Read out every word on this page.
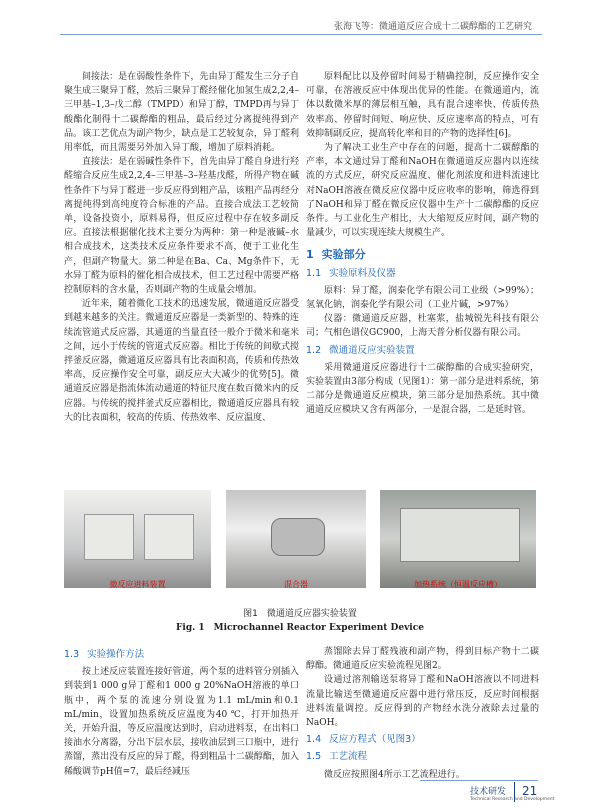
张海飞等：微通道反应合成十二碳醇酯的工艺研究

间接法：是在弱酸性条件下，先由异丁醛发生三分子自聚生成三聚异丁醛，然后三聚异丁醛经催化加氢生成2,2,4–三甲基–1,3–戊二醇（TMPD）和异丁醇，TMPD再与异丁酸酯化制得十二碳醇酯的粗品，最后经过分离提纯得到产品。该工艺优点为副产物少，缺点是工艺较复杂，异丁醛利用率低，而且需要另外加入异丁酸，增加了原料消耗。

直接法：是在弱碱性条件下，首先由异丁醛自身进行羟醛缩合反应生成2,2,4–三甲基–3–羟基戊醛，所得产物在碱性条件下与异丁醛进一步反应得到粗产品，该粗产品再经分离提纯得到高纯度符合标准的产品。直接合成法工艺较简单，设备投资小，原料易得，但反应过程中存在较多副反应。直接法根据催化技术主要分为两种：第一种是液碱–水相合成技术，这类技术反应条件要求不高，便于工业化生产，但副产物量大。第二种是在Ba、Ca、Mg条件下，无水异丁醛为原料的催化相合成技术，但工艺过程中需要严格控制原料的含水量，否则副产物的生成量会增加。

近年来，随着微化工技术的迅速发展，微通道反应器受到越来越多的关注。微通道反应器是一类新型的、特殊的连续流管道式反应器，其通道的当量直径一般介于微米和毫米之间，远小于传统的管道式反应器。相比于传统的间歇式搅拌釜反应器，微通道反应器具有比表面积高，传质和传热效率高，反应操作安全可靠，副反应大大减少的优势[5]。微通道反应器是指流体流动通道的特征尺度在数百微米内的反应器。与传统的搅拌釜式反应器相比，微通道反应器具有较大的比表面积，较高的传质、传热效率、反应温度、

原料配比以及停留时间易于精确控制，反应操作安全可靠，在溶液反应中体现出优异的性能。在微通道内，流体以数微米厚的薄层相互触，具有混合速率快、传质传热效率高、停留时间短、响应快、反应速率高的特点，可有效抑制副反应，提高转化率和目的产物的选择性[6]。

为了解决工业生产中存在的问题，提高十二碳醇酯的产率，本文通过异丁醛和NaOH在微通道反应器内以连续流的方式反应，研究反应温度、催化剂浓度和进料流速比对NaOH溶液在微反应仪器中反应收率的影响，筛选得到了NaOH和异丁醛在微反应仪器中生产十二碳醇酯的反应条件。与工业化生产相比，大大缩短反应时间，副产物的量减少，可以实现连续大规模生产。

1 实验部分
1.1 实验原料及仪器

原料：异丁醛，润泰化学有限公司工业级（>99%）；氢氧化钠，润泰化学有限公司（工业片碱，>97%）

仪器：微通道反应器，杜塞浆，盐城锐先科技有限公司；气相色谱仪GC900，上海天普分析仪器有限公司。

1.2 微通道反应实验装置

采用微通道反应器进行十二碳醇酯的合成实验研究，实验装置由3部分构成（见图1）：第一部分是进料系统，第二部分是微通道反应模块，第三部分是加热系统。其中微通道反应模块又含有两部分，一是混合器，二是延时管。

微反应进料装置	混合器	加热系统（恒温反应槽）
图1　微通道反应器实验装置
Fig. 1　Microchannel Reactor Experiment Device
1.3 实验操作方法

按上述反应装置连接好管道，两个泵的进料管分别插入到装到1 000 g异丁醛和1 000 g 20%NaOH溶液的单口瓶中，两个泵的流速分别设置为1.1 mL/min和0.1 mL/min，设置加热系统反应温度为40 ℃，打开加热开关，开始升温，等反应温度达到时，启动进料泵，在出料口接油水分离器，分出下层水层，接收油层到三口瓶中，进行蒸馏，蒸出没有反应的异丁醛，得到粗品十二碳醇酯，加入稀酸调节pH值=7，最后经减压

蒸馏除去异丁醛残液和副产物，得到目标产物十二碳醇酯。微通道反应实验流程见图2。

设通过溶剂输送泵将异丁醛和NaOH溶液以不同进料流量比输送至微通道反应器中进行常压反，反应时间根据进料流量调控。反应得到的产物经水洗分液除去过量的NaOH。

1.4 反应方程式（见图3）
1.5 工艺流程

微反应按照图4所示工艺流程进行。

技术研发
Technical Research and Development
21
